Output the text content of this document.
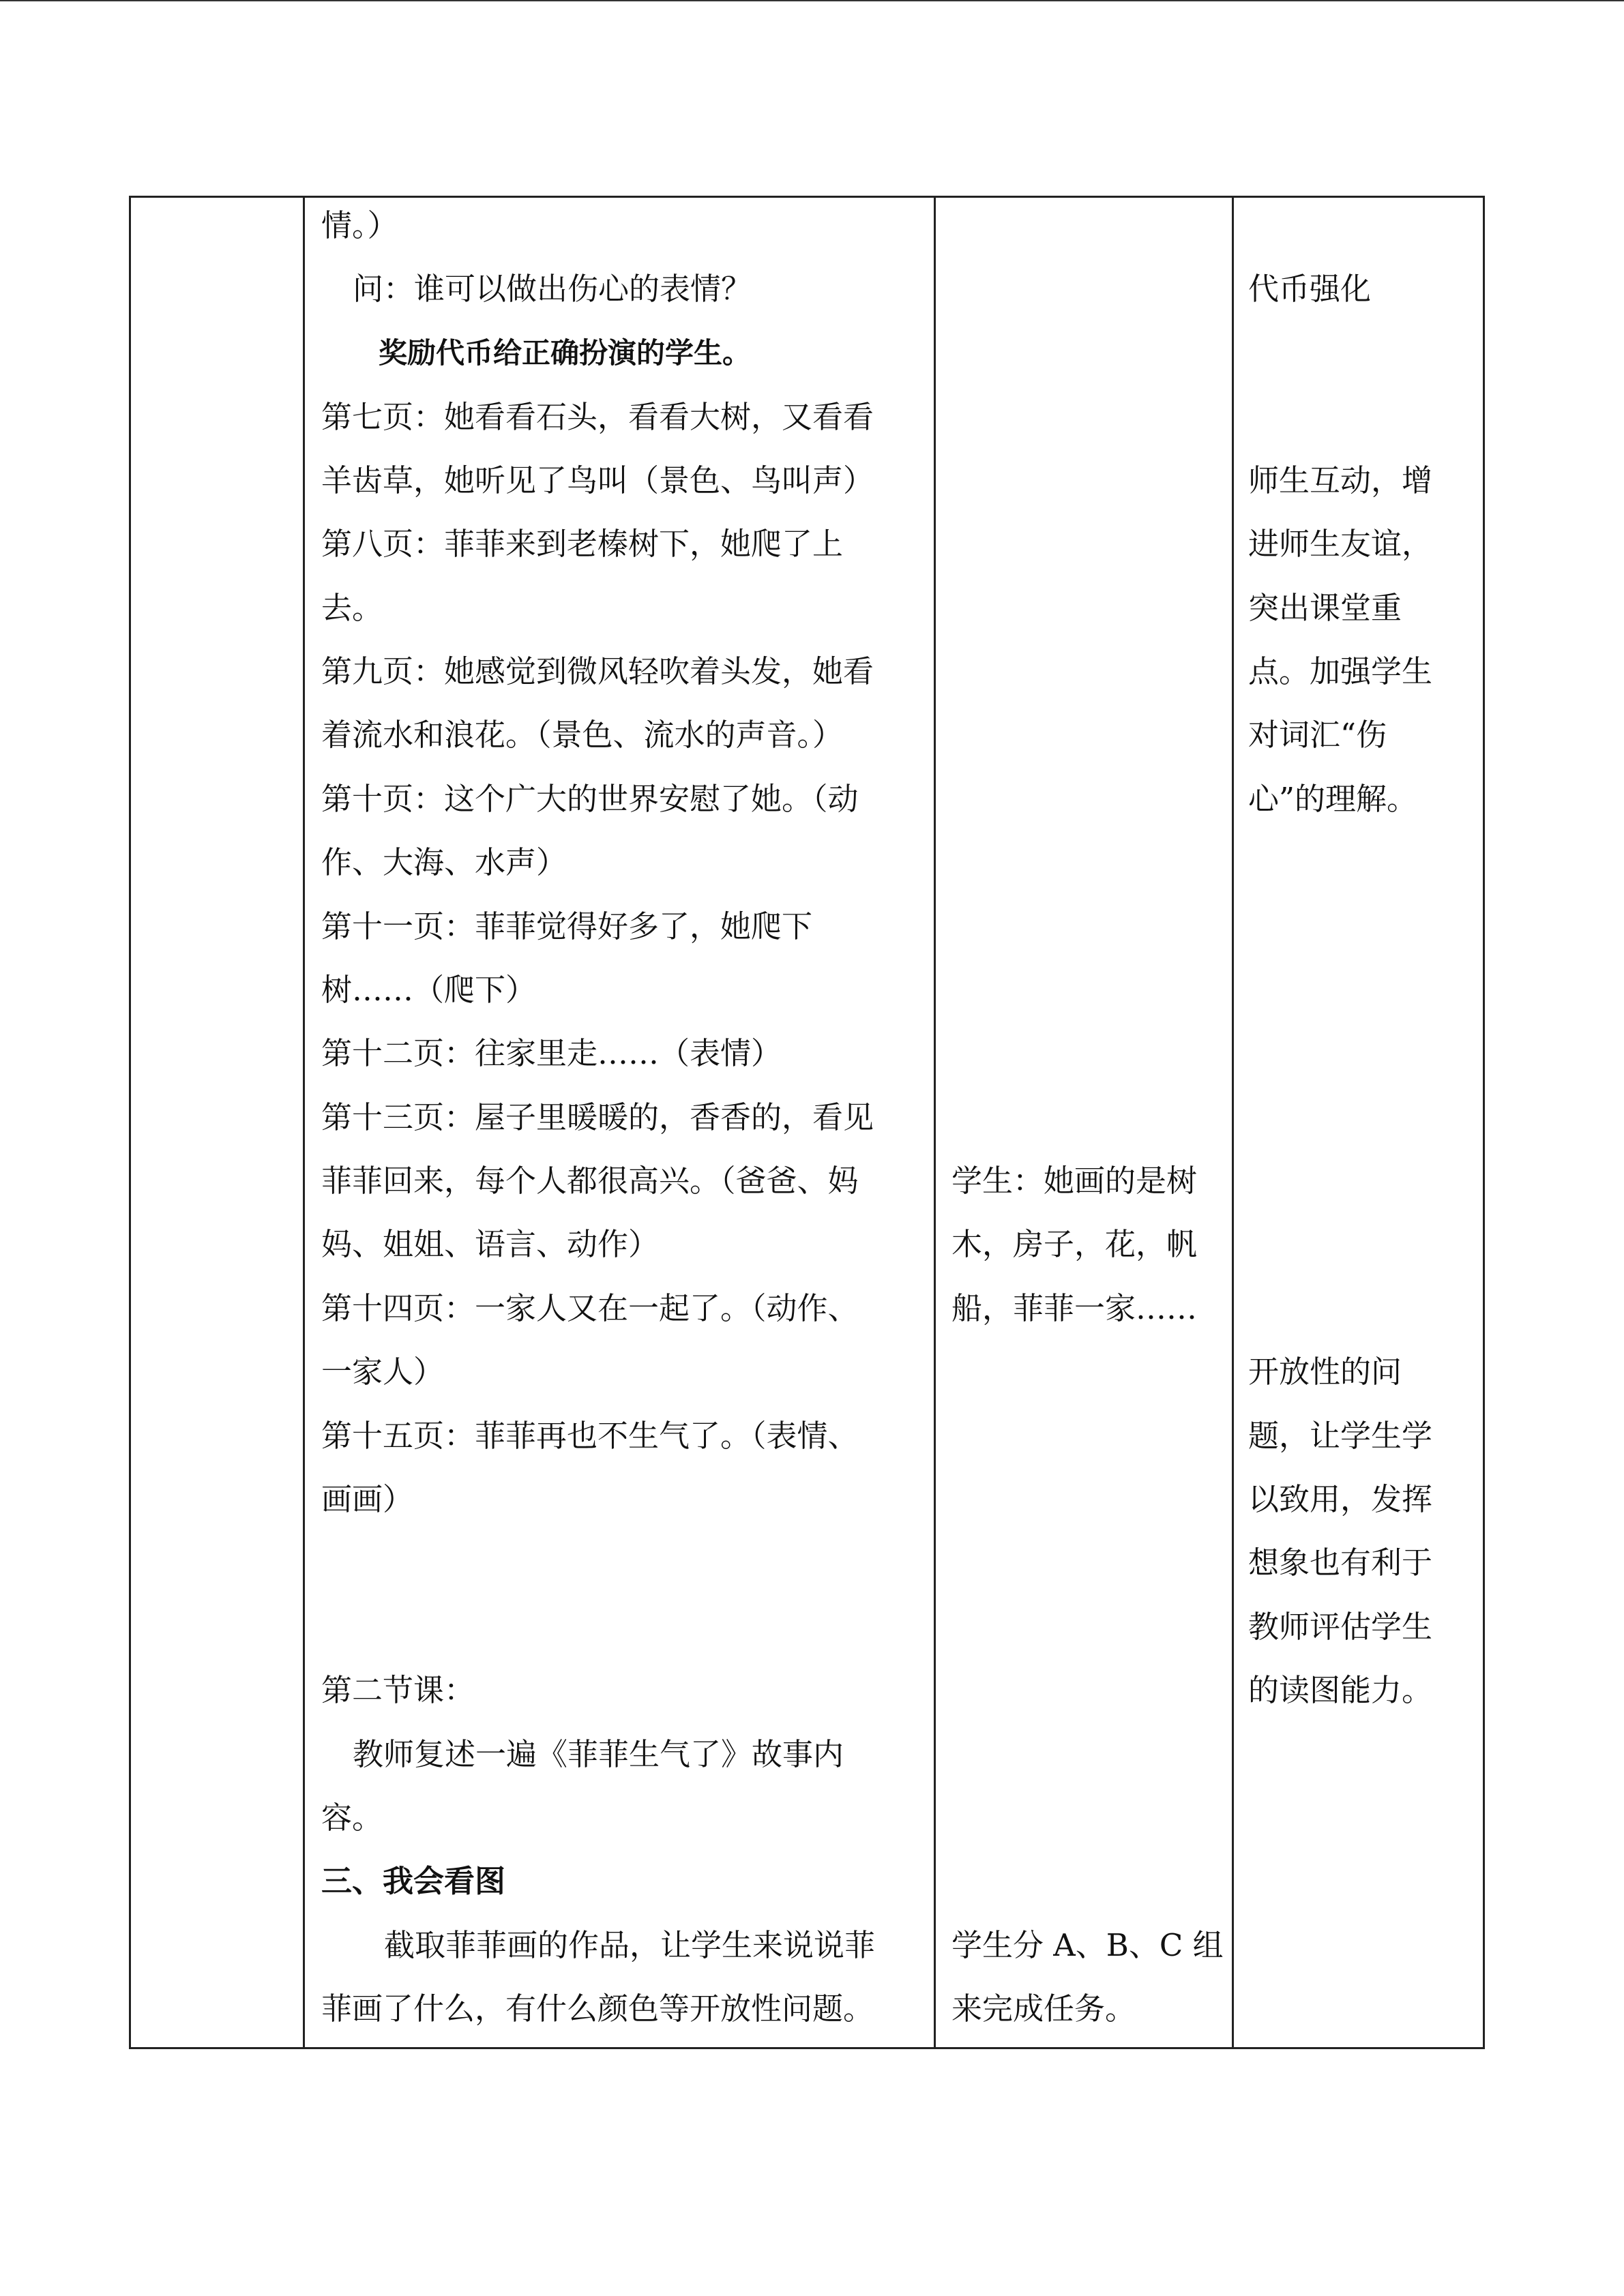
情。）
问：谁可以做出伤心的表情？
奖励代币给正确扮演的学生。
第七页：她看看石头，看看大树，又看看
羊齿草，她听见了鸟叫（景色、鸟叫声）
第八页：菲菲来到老榛树下，她爬了上
去。
第九页：她感觉到微风轻吹着头发，她看
着流水和浪花。（景色、流水的声音。）
第十页：这个广大的世界安慰了她。（动
作、大海、水声）
第十一页：菲菲觉得好多了，她爬下
树……（爬下）
第十二页：往家里走……（表情）
第十三页：屋子里暖暖的，香香的，看见
菲菲回来，每个人都很高兴。（爸爸、妈
妈、姐姐、语言、动作）
第十四页：一家人又在一起了。（动作、
一家人）
第十五页：菲菲再也不生气了。（表情、
画画）
第二节课：
教师复述一遍《菲菲生气了》故事内
容。
三、我会看图
截取菲菲画的作品，让学生来说说菲
菲画了什么，有什么颜色等开放性问题。
学生：她画的是树
木，房子，花，帆
船，菲菲一家……
学生分 A、B、C 组
来完成任务。
代币强化
师生互动，增
进师生友谊，
突出课堂重
点。加强学生
对词汇“伤
心”的理解。
开放性的问
题，让学生学
以致用，发挥
想象也有利于
教师评估学生
的读图能力。
